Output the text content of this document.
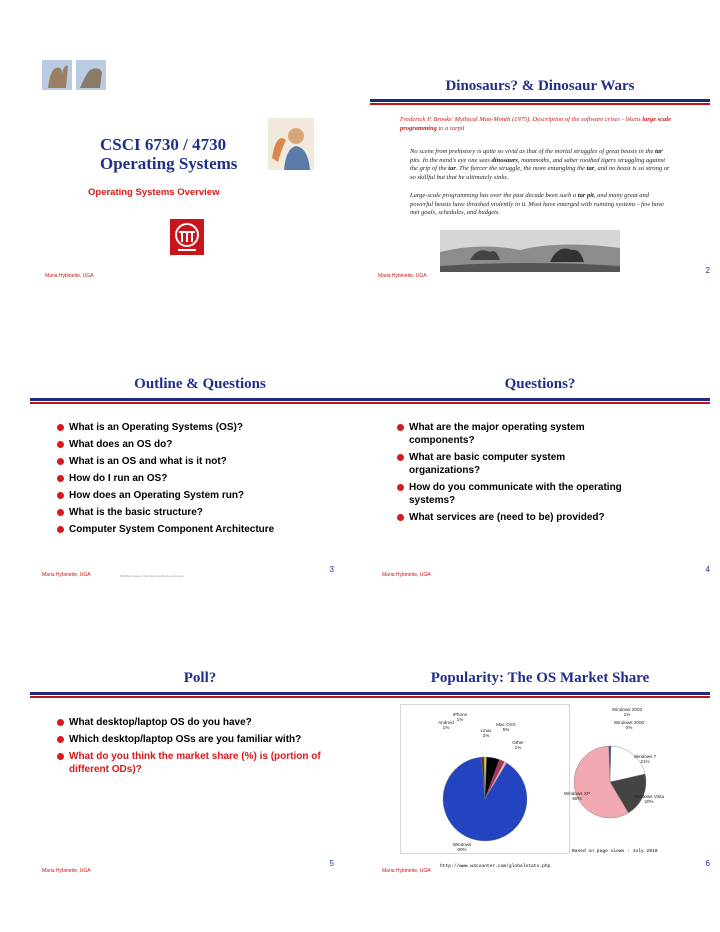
CSCI 6730 / 4730
Operating Systems
Operating Systems Overview
Maria Hybinette, UGA
Dinosaurs? & Dinosaur Wars
Frederick P. Brooks' Mythical Man-Month (1975). Description of the software crises - likens large scale programming to a tarpit
No scene from prehistory is quite so vivid as that of the mortal struggles of great beasts in the tar pits. In the mind's eye one sees dinosaurs, mammoths, and saber toothed tigers struggling against the grip of the tar. The fiercer the struggle, the more entangling the tar, and no beast is so strong or so skillful but that he ultimately sinks.
Large-scale programming has over the past decade been such a tar pit, and many great and powerful beasts have thrashed violently in it. Most have emerged with running systems - few have met goals, schedules, and budgets.
2
Maria Hybinette, UGA
Outline & Questions
What is an Operating Systems (OS)?
What does an OS do?
What is an OS and what is it not?
How do I run an OS?
How does an Operating System run?
What is the basic structure?
Computer System Component Architecture
3
Maria Hybinette, UGA	Modified slides of the Maria Hybinette Hybinette
Questions?
What are the major operating system components?
What are basic computer system organizations?
How do you communicate with the operating systems?
What services are (need to be) provided?
4
Maria Hybinette, UGA
Poll?
What desktop/laptop OS do you have?
Which desktop/laptop OSs are you familiar with?
What do you think the market share (%) is (portion of different ODs)?
5
Maria Hybinette, UGA
Popularity: The OS Market Share
iPhone 1%
Android 1%
Mac OSX 5%
Linux 2%
Other 1%
Windows 90%
Windows 2003 1%
Windows 2000 0%
Windows 7 21%
Windows Vista 20%
Windows XP 58%
Based on page views : July 2010
http://www.w3counter.com/globalstats.php	6
Maria Hybinette, UGA
